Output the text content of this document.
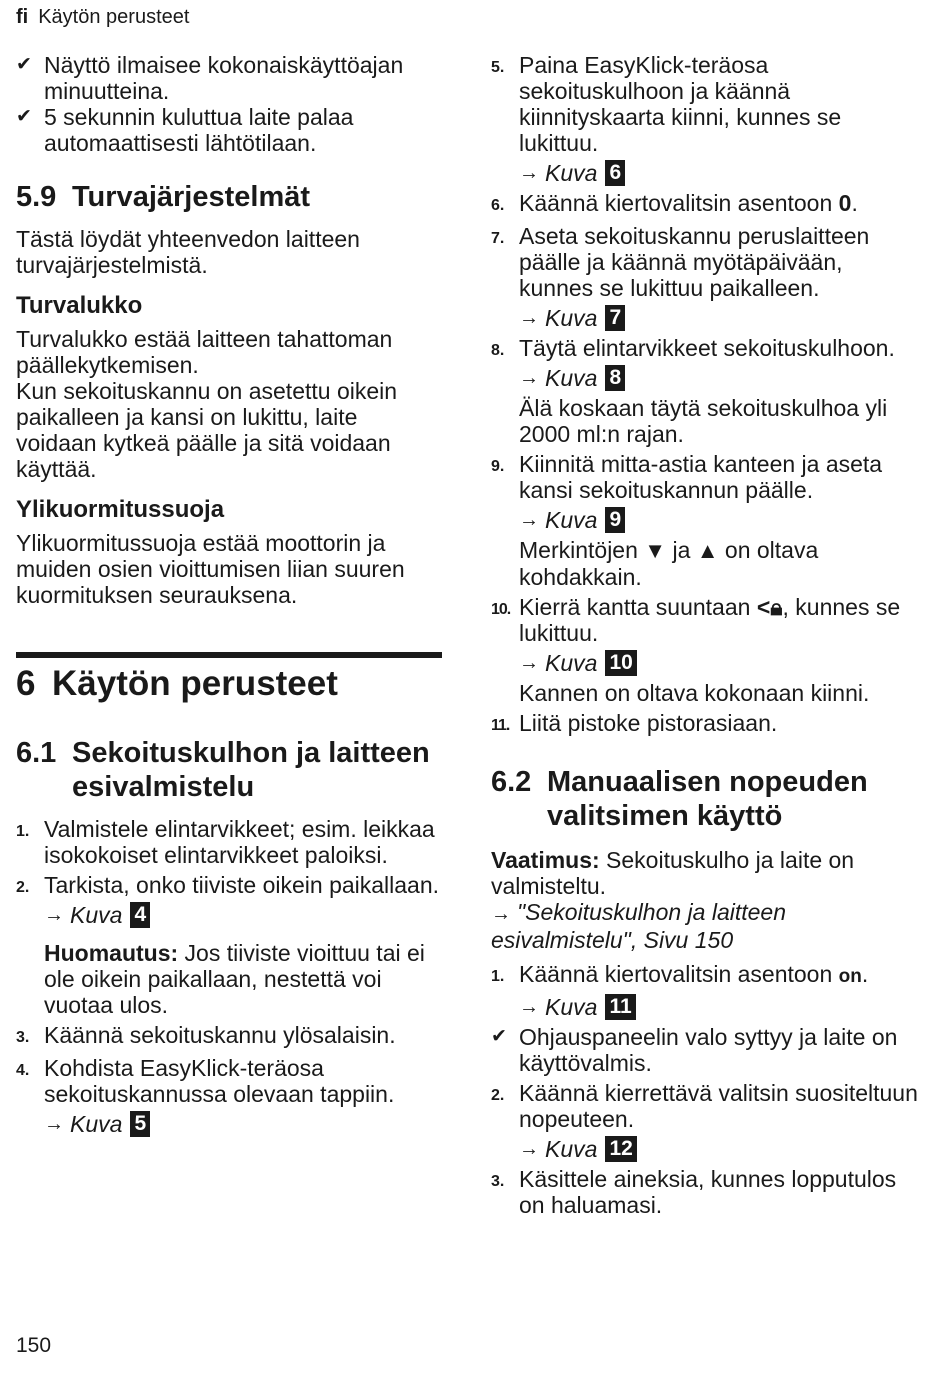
fi Käytön perusteet
✔ Näyttö ilmaisee kokonaiskäyttöajan minuutteina.
✔ 5 sekunnin kuluttua laite palaa automaattisesti lähtötilaan.
5.9 Turvajärjestelmät

Tästä löydät yhteenvedon laitteen turvajärjestelmistä.

Turvalukko

Turvalukko estää laitteen tahattoman päällekytkemisen.

Kun sekoituskannu on asetettu oikein paikalleen ja kansi on lukittu, laite voidaan kytkeä päälle ja sitä voidaan käyttää.

Ylikuormitussuoja

Ylikuormitussuoja estää moottorin ja muiden osien vioittumisen liian suuren kuormituksen seurauksena.

6 Käytön perusteet
6.1 Sekoituskulhon ja laitteen esivalmistelu
1. Valmistele elintarvikkeet; esim. leikkaa isokokoiset elintarvikkeet paloiksi.
2. Tarkista, onko tiiviste oikein paikallaan.
→ Kuva 4

Huomautus: Jos tiiviste vioittuu tai ei ole oikein paikallaan, nestettä voi vuotaa ulos.

3. Käännä sekoituskannu ylösalaisin.
4. Kohdista EasyKlick-teräosa sekoituskannussa olevaan tappiin.
→ Kuva 5
5. Paina EasyKlick-teräosa sekoituskulhoon ja käännä kiinnityskaarta kiinni, kunnes se lukittuu.
→ Kuva 6
6. Käännä kiertovalitsin asentoon 0.
7. Aseta sekoituskannu peruslaitteen päälle ja käännä myötäpäivään, kunnes se lukittuu paikalleen.
→ Kuva 7
8. Täytä elintarvikkeet sekoituskulhoon.
→ Kuva 8
Älä koskaan täytä sekoituskulhoa yli 2000 ml:n rajan.
9. Kiinnitä mitta-astia kanteen ja aseta kansi sekoituskannun päälle.
→ Kuva 9
Merkintöjen ▼ ja ▲ on oltava kohdakkain.
10. Kierrä kantta suuntaan <🔒︎, kunnes se lukittuu.
→ Kuva 10
Kannen on oltava kokonaan kiinni.
11. Liitä pistoke pistorasiaan.
6.2 Manuaalisen nopeuden valitsimen käyttö

Vaatimus: Sekoituskulho ja laite on valmisteltu.

→ "Sekoituskulhon ja laitteen esivalmistelu", Sivu 150

1. Käännä kiertovalitsin asentoon on.
→ Kuva 11
✔ Ohjauspaneelin valo syttyy ja laite on käyttövalmis.
2. Käännä kierrettävä valitsin suositeltuun nopeuteen.
→ Kuva 12
3. Käsittele aineksia, kunnes lopputulos on haluamasi.
150
